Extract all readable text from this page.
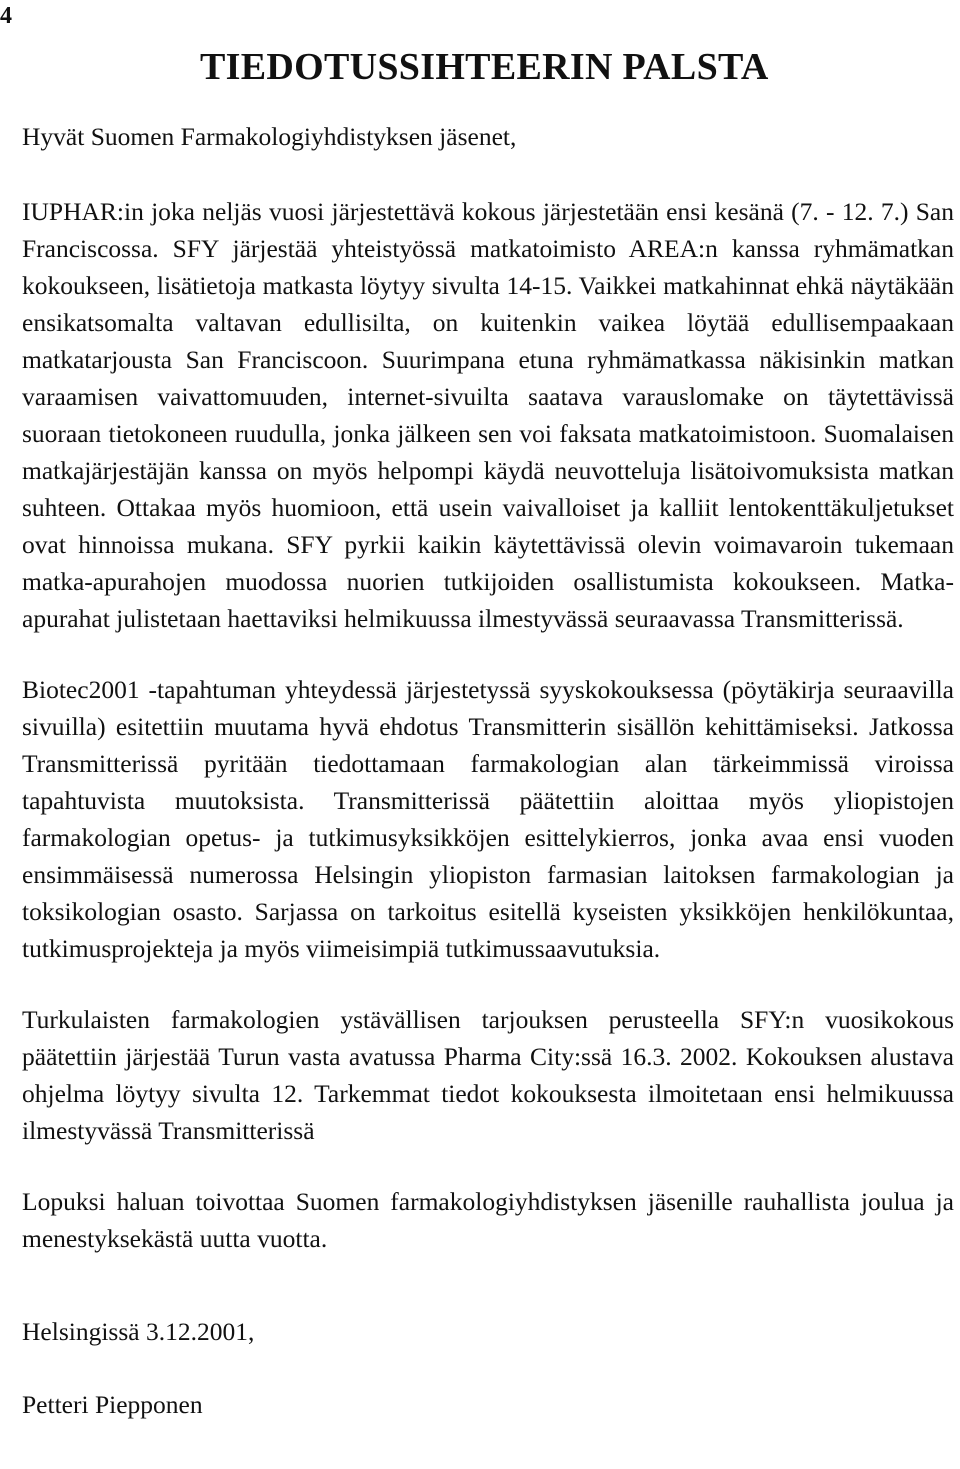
4
TIEDOTUSSIHTEERIN PALSTA

Hyvät Suomen Farmakologiyhdistyksen jäsenet,

IUPHAR:in joka neljäs vuosi järjestettävä kokous järjestetään ensi kesänä (7. - 12. 7.) San Franciscossa. SFY järjestää yhteistyössä matkatoimisto AREA:n kanssa ryhmämatkan kokoukseen, lisätietoja matkasta löytyy sivulta 14-15. Vaikkei matkahinnat ehkä näytäkään ensikatsomalta valtavan edullisilta, on kuitenkin vaikea löytää edullisempaakaan matkatarjousta San Franciscoon. Suurimpana etuna ryhmämatkassa näkisinkin matkan varaamisen vaivattomuuden, internet-sivuilta saatava varauslomake on täytettävissä suoraan tietokoneen ruudulla, jonka jälkeen sen voi faksata matkatoimistoon. Suomalaisen matkajärjestäjän kanssa on myös helpompi käydä neuvotteluja lisätoivomuksista matkan suhteen. Ottakaa myös huomioon, että usein vaivalloiset ja kalliit lentokenttäkuljetukset ovat hinnoissa mukana. SFY pyrkii kaikin käytettävissä olevin voimavaroin tukemaan matka-apurahojen muodossa nuorien tutkijoiden osallistumista kokoukseen. Matka-apurahat julistetaan haettaviksi helmikuussa ilmestyvässä seuraavassa Transmitterissä.

Biotec2001 -tapahtuman yhteydessä järjestetyssä syyskokouksessa (pöytäkirja seuraavilla sivuilla) esitettiin muutama hyvä ehdotus Transmitterin sisällön kehittämiseksi. Jatkossa Transmitterissä pyritään tiedottamaan farmakologian alan tärkeimmissä viroissa tapahtuvista muutoksista. Transmitterissä päätettiin aloittaa myös yliopistojen farmakologian opetus- ja tutkimusyksikköjen esittelykierros, jonka avaa ensi vuoden ensimmäisessä numerossa Helsingin yliopiston farmasian laitoksen farmakologian ja toksikologian osasto. Sarjassa on tarkoitus esitellä kyseisten yksikköjen henkilökuntaa, tutkimusprojekteja ja myös viimeisimpiä tutkimussaavutuksia.

Turkulaisten farmakologien ystävällisen tarjouksen perusteella SFY:n vuosikokous päätettiin järjestää Turun vasta avatussa Pharma City:ssä 16.3. 2002. Kokouksen alustava ohjelma löytyy sivulta 12. Tarkemmat tiedot kokouksesta ilmoitetaan ensi helmikuussa ilmestyvässä Transmitterissä

Lopuksi haluan toivottaa Suomen farmakologiyhdistyksen jäsenille rauhallista joulua ja menestyksekästä uutta vuotta.

Helsingissä 3.12.2001,

Petteri Piepponen
